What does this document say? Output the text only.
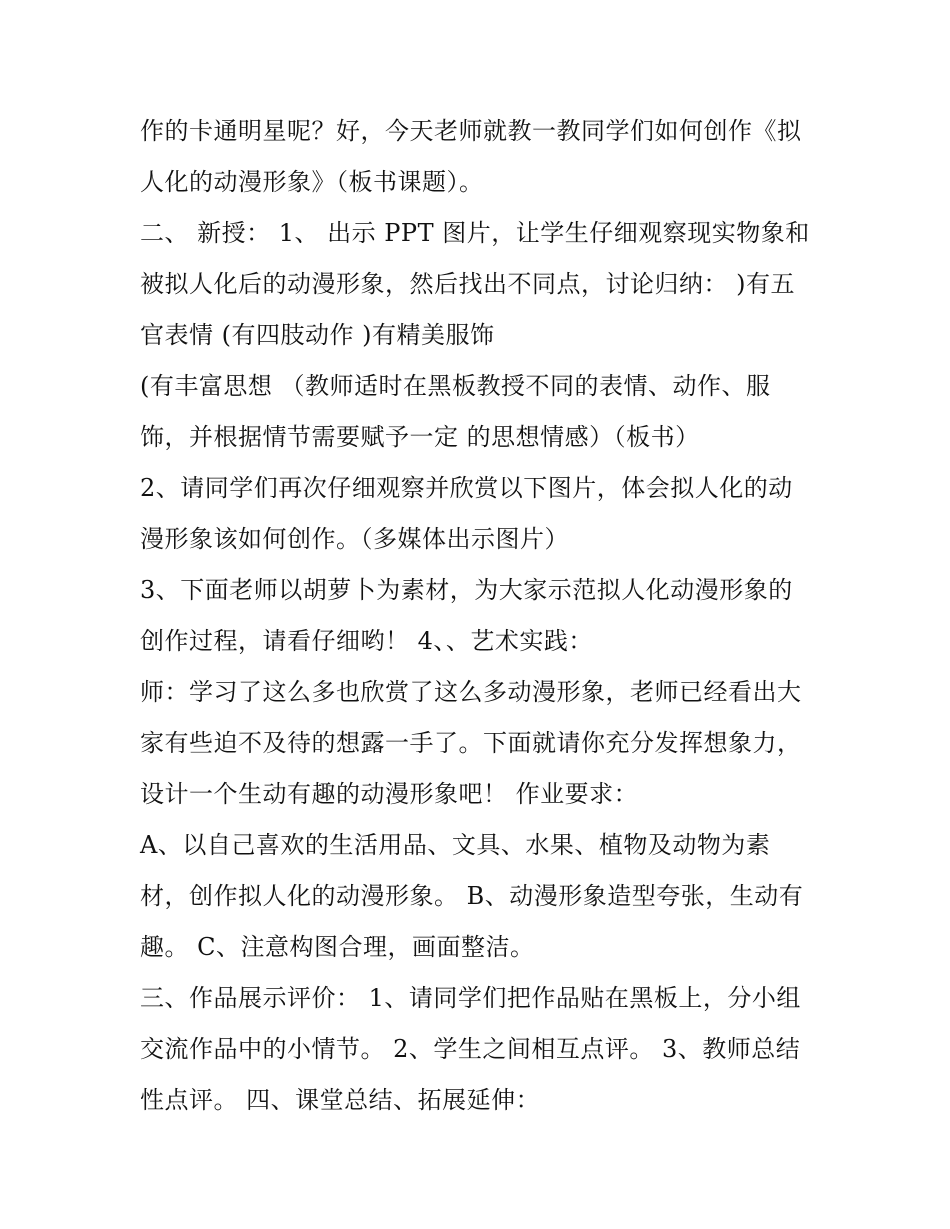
作的卡通明星呢？好，今天老师就教一教同学们如何创作《拟
人化的动漫形象》（板书课题）。
二、 新授： 1、 出示 PPT 图片，让学生仔细观察现实物象和
被拟人化后的动漫形象，然后找出不同点，讨论归纳： )有五
官表情 (有四肢动作 )有精美服饰
(有丰富思想 （教师适时在黑板教授不同的表情、动作、服
饰，并根据情节需要赋予一定 的思想情感）（板书）
2、请同学们再次仔细观察并欣赏以下图片，体会拟人化的动
漫形象该如何创作。（多媒体出示图片）
3、下面老师以胡萝卜为素材，为大家示范拟人化动漫形象的
创作过程，请看仔细哟！ 4、、艺术实践：
师：学习了这么多也欣赏了这么多动漫形象，老师已经看出大
家有些迫不及待的想露一手了。下面就请你充分发挥想象力，
设计一个生动有趣的动漫形象吧！ 作业要求：
A、以自己喜欢的生活用品、文具、水果、植物及动物为素
材，创作拟人化的动漫形象。 B、动漫形象造型夸张，生动有
趣。 C、注意构图合理，画面整洁。
三、作品展示评价： 1、请同学们把作品贴在黑板上，分小组
交流作品中的小情节。 2、学生之间相互点评。 3、教师总结
性点评。 四、课堂总结、拓展延伸：
